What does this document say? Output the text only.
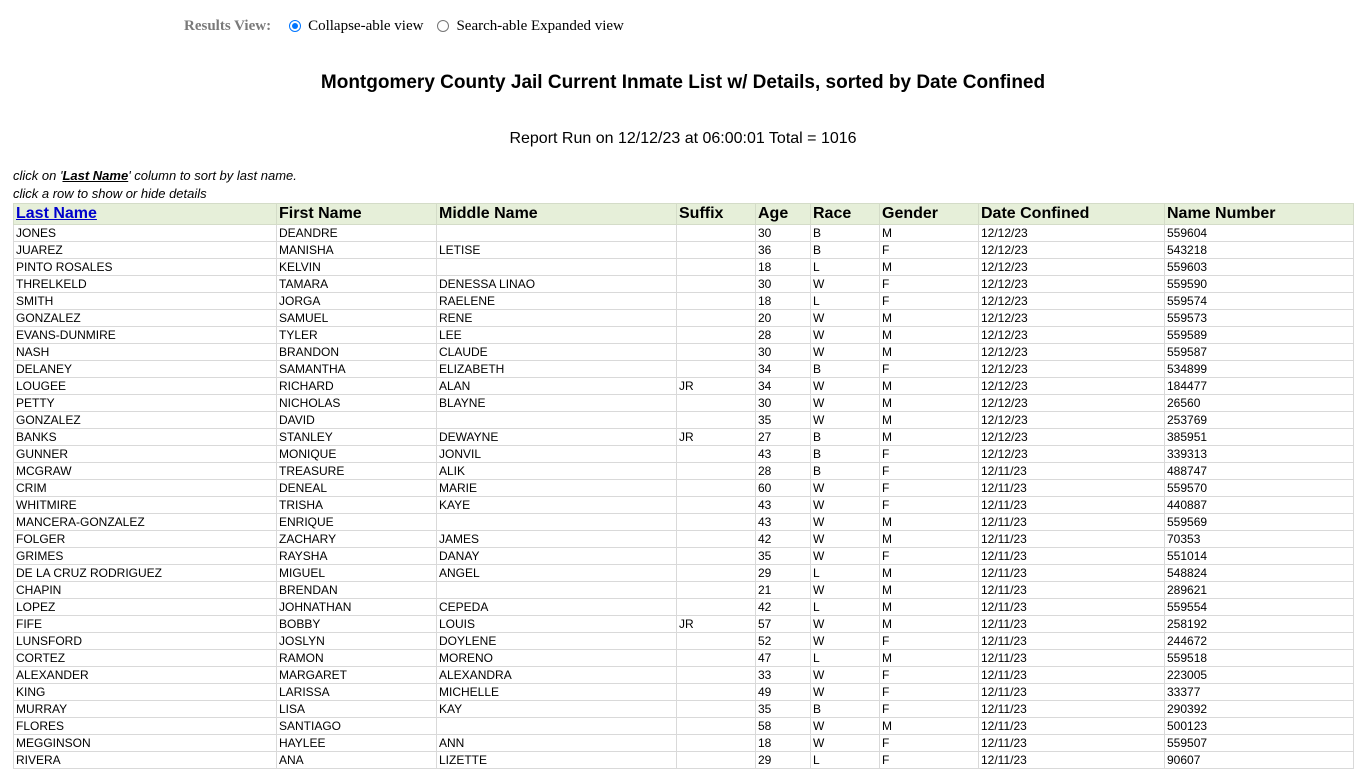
Results View: Collapse-able view Search-able Expanded view
Montgomery County Jail Current Inmate List w/ Details, sorted by Date Confined
Report Run on 12/12/23 at 06:00:01 Total = 1016
click on 'Last Name' column to sort by last name.
click a row to show or hide details
Last Name	First Name	Middle Name	Suffix	Age	Race	Gender	Date Confined	Name Number
JONES	DEANDRE			30	B	M	12/12/23	559604
JUAREZ	MANISHA	LETISE		36	B	F	12/12/23	543218
PINTO ROSALES	KELVIN			18	L	M	12/12/23	559603
THRELKELD	TAMARA	DENESSA LINAO		30	W	F	12/12/23	559590
SMITH	JORGA	RAELENE		18	L	F	12/12/23	559574
GONZALEZ	SAMUEL	RENE		20	W	M	12/12/23	559573
EVANS-DUNMIRE	TYLER	LEE		28	W	M	12/12/23	559589
NASH	BRANDON	CLAUDE		30	W	M	12/12/23	559587
DELANEY	SAMANTHA	ELIZABETH		34	B	F	12/12/23	534899
LOUGEE	RICHARD	ALAN	JR	34	W	M	12/12/23	184477
PETTY	NICHOLAS	BLAYNE		30	W	M	12/12/23	26560
GONZALEZ	DAVID			35	W	M	12/12/23	253769
BANKS	STANLEY	DEWAYNE	JR	27	B	M	12/12/23	385951
GUNNER	MONIQUE	JONVIL		43	B	F	12/12/23	339313
MCGRAW	TREASURE	ALIK		28	B	F	12/11/23	488747
CRIM	DENEAL	MARIE		60	W	F	12/11/23	559570
WHITMIRE	TRISHA	KAYE		43	W	F	12/11/23	440887
MANCERA-GONZALEZ	ENRIQUE			43	W	M	12/11/23	559569
FOLGER	ZACHARY	JAMES		42	W	M	12/11/23	70353
GRIMES	RAYSHA	DANAY		35	W	F	12/11/23	551014
DE LA CRUZ RODRIGUEZ	MIGUEL	ANGEL		29	L	M	12/11/23	548824
CHAPIN	BRENDAN			21	W	M	12/11/23	289621
LOPEZ	JOHNATHAN	CEPEDA		42	L	M	12/11/23	559554
FIFE	BOBBY	LOUIS	JR	57	W	M	12/11/23	258192
LUNSFORD	JOSLYN	DOYLENE		52	W	F	12/11/23	244672
CORTEZ	RAMON	MORENO		47	L	M	12/11/23	559518
ALEXANDER	MARGARET	ALEXANDRA		33	W	F	12/11/23	223005
KING	LARISSA	MICHELLE		49	W	F	12/11/23	33377
MURRAY	LISA	KAY		35	B	F	12/11/23	290392
FLORES	SANTIAGO			58	W	M	12/11/23	500123
MEGGINSON	HAYLEE	ANN		18	W	F	12/11/23	559507
RIVERA	ANA	LIZETTE		29	L	F	12/11/23	90607
